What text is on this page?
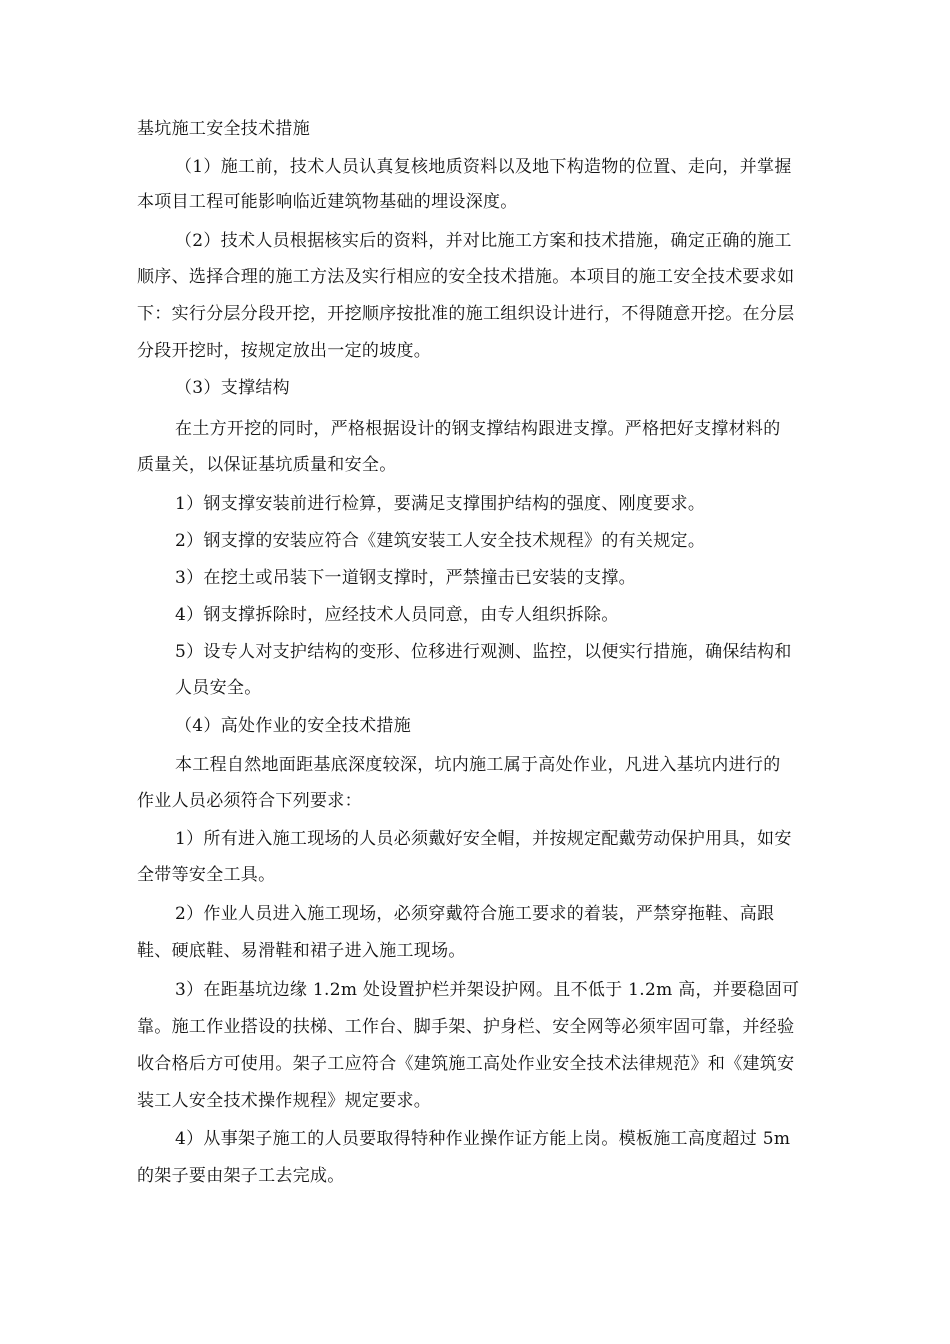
基坑施工安全技术措施
（1）施工前，技术人员认真复核地质资料以及地下构造物的位置、走向，并掌握
本项目工程可能影响临近建筑物基础的埋设深度。
（2）技术人员根据核实后的资料，并对比施工方案和技术措施，确定正确的施工
顺序、选择合理的施工方法及实行相应的安全技术措施。本项目的施工安全技术要求如
下：实行分层分段开挖，开挖顺序按批准的施工组织设计进行，不得随意开挖。在分层
分段开挖时，按规定放出一定的坡度。
（3）支撑结构
在土方开挖的同时，严格根据设计的钢支撑结构跟进支撑。严格把好支撑材料的
质量关，以保证基坑质量和安全。
1）钢支撑安装前进行检算，要满足支撑围护结构的强度、刚度要求。
2）钢支撑的安装应符合《建筑安装工人安全技术规程》的有关规定。
3）在挖土或吊装下一道钢支撑时，严禁撞击已安装的支撑。
4）钢支撑拆除时，应经技术人员同意，由专人组织拆除。
5）设专人对支护结构的变形、位移进行观测、监控，以便实行措施，确保结构和
人员安全。
（4）高处作业的安全技术措施
本工程自然地面距基底深度较深，坑内施工属于高处作业，凡进入基坑内进行的
作业人员必须符合下列要求：
1）所有进入施工现场的人员必须戴好安全帽，并按规定配戴劳动保护用具，如安
全带等安全工具。
2）作业人员进入施工现场，必须穿戴符合施工要求的着装，严禁穿拖鞋、高跟
鞋、硬底鞋、易滑鞋和裙子进入施工现场。
3）在距基坑边缘 1.2m 处设置护栏并架设护网。且不低于 1.2m 高，并要稳固可
靠。施工作业搭设的扶梯、工作台、脚手架、护身栏、安全网等必须牢固可靠，并经验
收合格后方可使用。架子工应符合《建筑施工高处作业安全技术法律规范》和《建筑安
装工人安全技术操作规程》规定要求。
4）从事架子施工的人员要取得特种作业操作证方能上岗。模板施工高度超过 5m
的架子要由架子工去完成。
